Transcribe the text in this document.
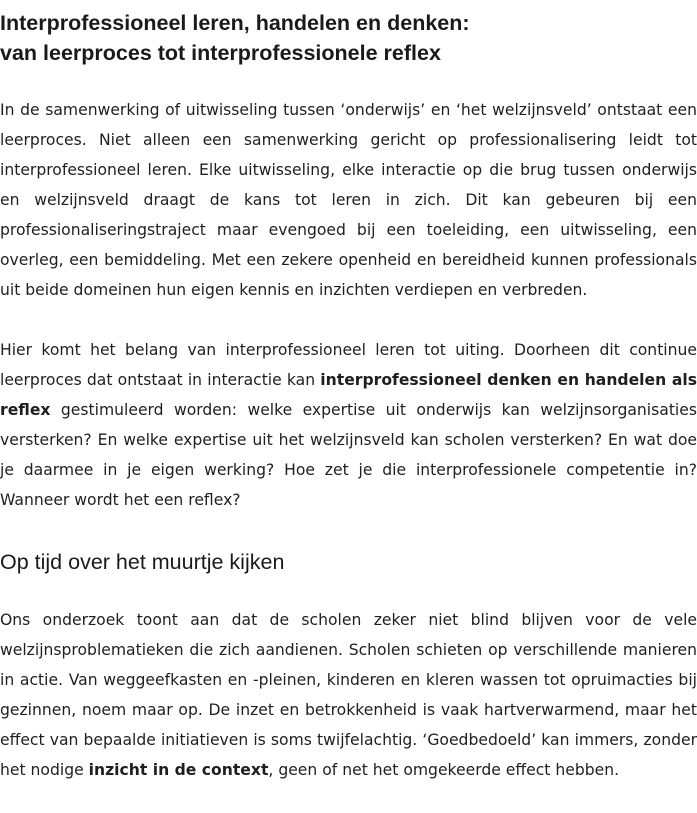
Interprofessioneel leren, handelen en denken:
van leerproces tot interprofessionele reflex

In de samenwerking of uitwisseling tussen ‘onderwijs’ en ‘het welzijnsveld’ ontstaat een leerproces. Niet alleen een samenwerking gericht op professionalisering leidt tot interprofessioneel leren. Elke uitwisseling, elke interactie op die brug tussen onderwijs en welzijnsveld draagt de kans tot leren in zich. Dit kan gebeuren bij een professionaliseringstraject maar evengoed bij een toeleiding, een uitwisseling, een overleg, een bemiddeling. Met een zekere openheid en bereidheid kunnen professionals uit beide domeinen hun eigen kennis en inzichten verdiepen en verbreden.

Hier komt het belang van interprofessioneel leren tot uiting. Doorheen dit continue leerproces dat ontstaat in interactie kan interprofessioneel denken en handelen als reflex gestimuleerd worden: welke expertise uit onderwijs kan welzijnsorganisaties versterken? En welke expertise uit het welzijnsveld kan scholen versterken? En wat doe je daarmee in je eigen werking? Hoe zet je die interprofessionele competentie in? Wanneer wordt het een reflex?

Op tijd over het muurtje kijken

Ons onderzoek toont aan dat de scholen zeker niet blind blijven voor de vele welzijnsproblematieken die zich aandienen. Scholen schieten op verschillende manieren in actie. Van weggeefkasten en -pleinen, kinderen en kleren wassen tot opruimacties bij gezinnen, noem maar op. De inzet en betrokkenheid is vaak hartverwarmend, maar het effect van bepaalde initiatieven is soms twijfelachtig. ‘Goedbedoeld’ kan immers, zonder het nodige inzicht in de context, geen of net het omgekeerde effect hebben.
